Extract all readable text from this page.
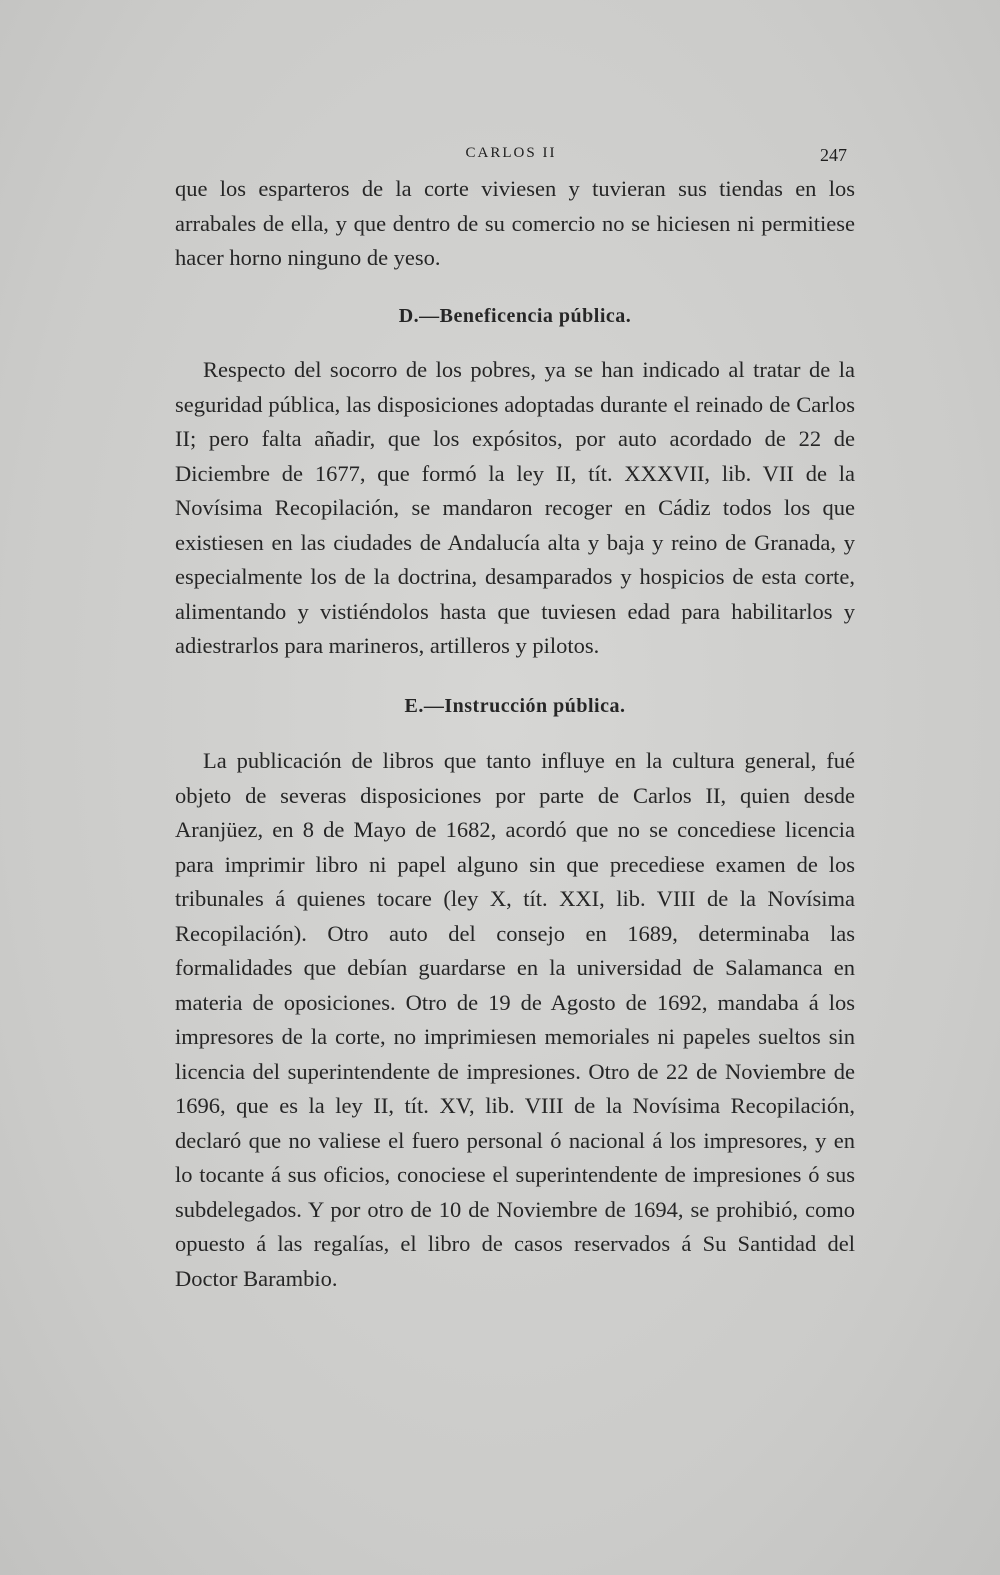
CARLOS II	247

que los esparteros de la corte viviesen y tuvieran sus tiendas en los arrabales de ella, y que dentro de su comercio no se hiciesen ni permitiese hacer horno ninguno de yeso.

D.—Beneficencia pública.

Respecto del socorro de los pobres, ya se han indicado al tratar de la seguridad pública, las disposiciones adoptadas durante el reinado de Carlos II; pero falta añadir, que los expósitos, por auto acordado de 22 de Diciembre de 1677, que formó la ley II, tít. XXXVII, lib. VII de la Novísima Recopilación, se mandaron recoger en Cádiz todos los que existiesen en las ciudades de Andalucía alta y baja y reino de Granada, y especialmente los de la doctrina, desamparados y hospicios de esta corte, alimentando y vistiéndolos hasta que tuviesen edad para habilitarlos y adiestrarlos para marineros, artilleros y pilotos.

E.—Instrucción pública.

La publicación de libros que tanto influye en la cultura general, fué objeto de severas disposiciones por parte de Carlos II, quien desde Aranjüez, en 8 de Mayo de 1682, acordó que no se concediese licencia para imprimir libro ni papel alguno sin que precediese examen de los tribunales á quienes tocare (ley X, tít. XXI, lib. VIII de la Novísima Recopilación). Otro auto del consejo en 1689, determinaba las formalidades que debían guardarse en la universidad de Salamanca en materia de oposiciones. Otro de 19 de Agosto de 1692, mandaba á los impresores de la corte, no imprimiesen memoriales ni papeles sueltos sin licencia del superintendente de impresiones. Otro de 22 de Noviembre de 1696, que es la ley II, tít. XV, lib. VIII de la Novísima Recopilación, declaró que no valiese el fuero personal ó nacional á los impresores, y en lo tocante á sus oficios, conociese el superintendente de impresiones ó sus subdelegados. Y por otro de 10 de Noviembre de 1694, se prohibió, como opuesto á las regalías, el libro de casos reservados á Su Santidad del Doctor Barambio.
